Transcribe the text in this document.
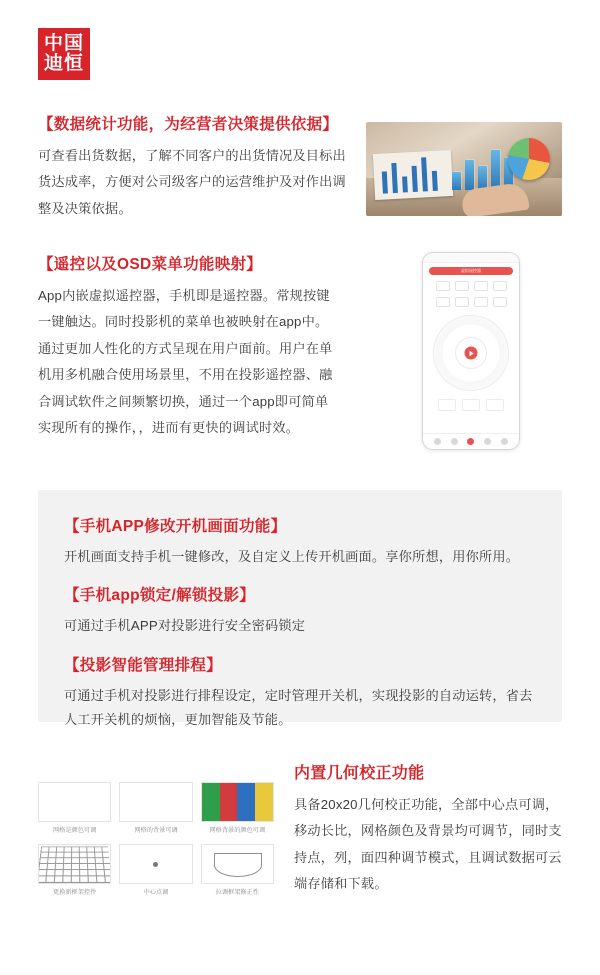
中国
迪恒

【数据统计功能，为经营者决策提供依据】

可查看出货数据，了解不同客户的出货情况及目标出货达成率，方便对公司级客户的运营维护及对作出调整及决策依据。

【遥控以及OSD菜单功能映射】

App内嵌虚拟遥控器，手机即是遥控器。常规按键一键触达。同时投影机的菜单也被映射在app中。通过更加人性化的方式呈现在用户面前。用户在单机用多机融合使用场景里，不用在投影遥控器、融合调试软件之间频繁切换，通过一个app即可简单实现所有的操作，，进而有更快的调试时效。

虚拟遥控器

【手机APP修改开机画面功能】

开机画面支持手机一键修改，及自定义上传开机画面。享你所想，用你所用。

【手机app锁定/解锁投影】

可通过手机APP对投影进行安全密码锁定

【投影智能管理排程】

可通过手机对投影进行排程设定，定时管理开关机，实现投影的自动运转，省去人工开关机的烦恼，更加智能及节能。

内置几何校正功能

具备20x20几何校正功能，全部中心点可调，移动长比，网格颜色及背景均可调节，同时支持点，列，面四种调节模式，且调试数据可云端存储和下载。

网格是颜色可调	网格的背景可调	网格背景的颜色可调
更换新框架控件	中心点调	拉调框架修正性
